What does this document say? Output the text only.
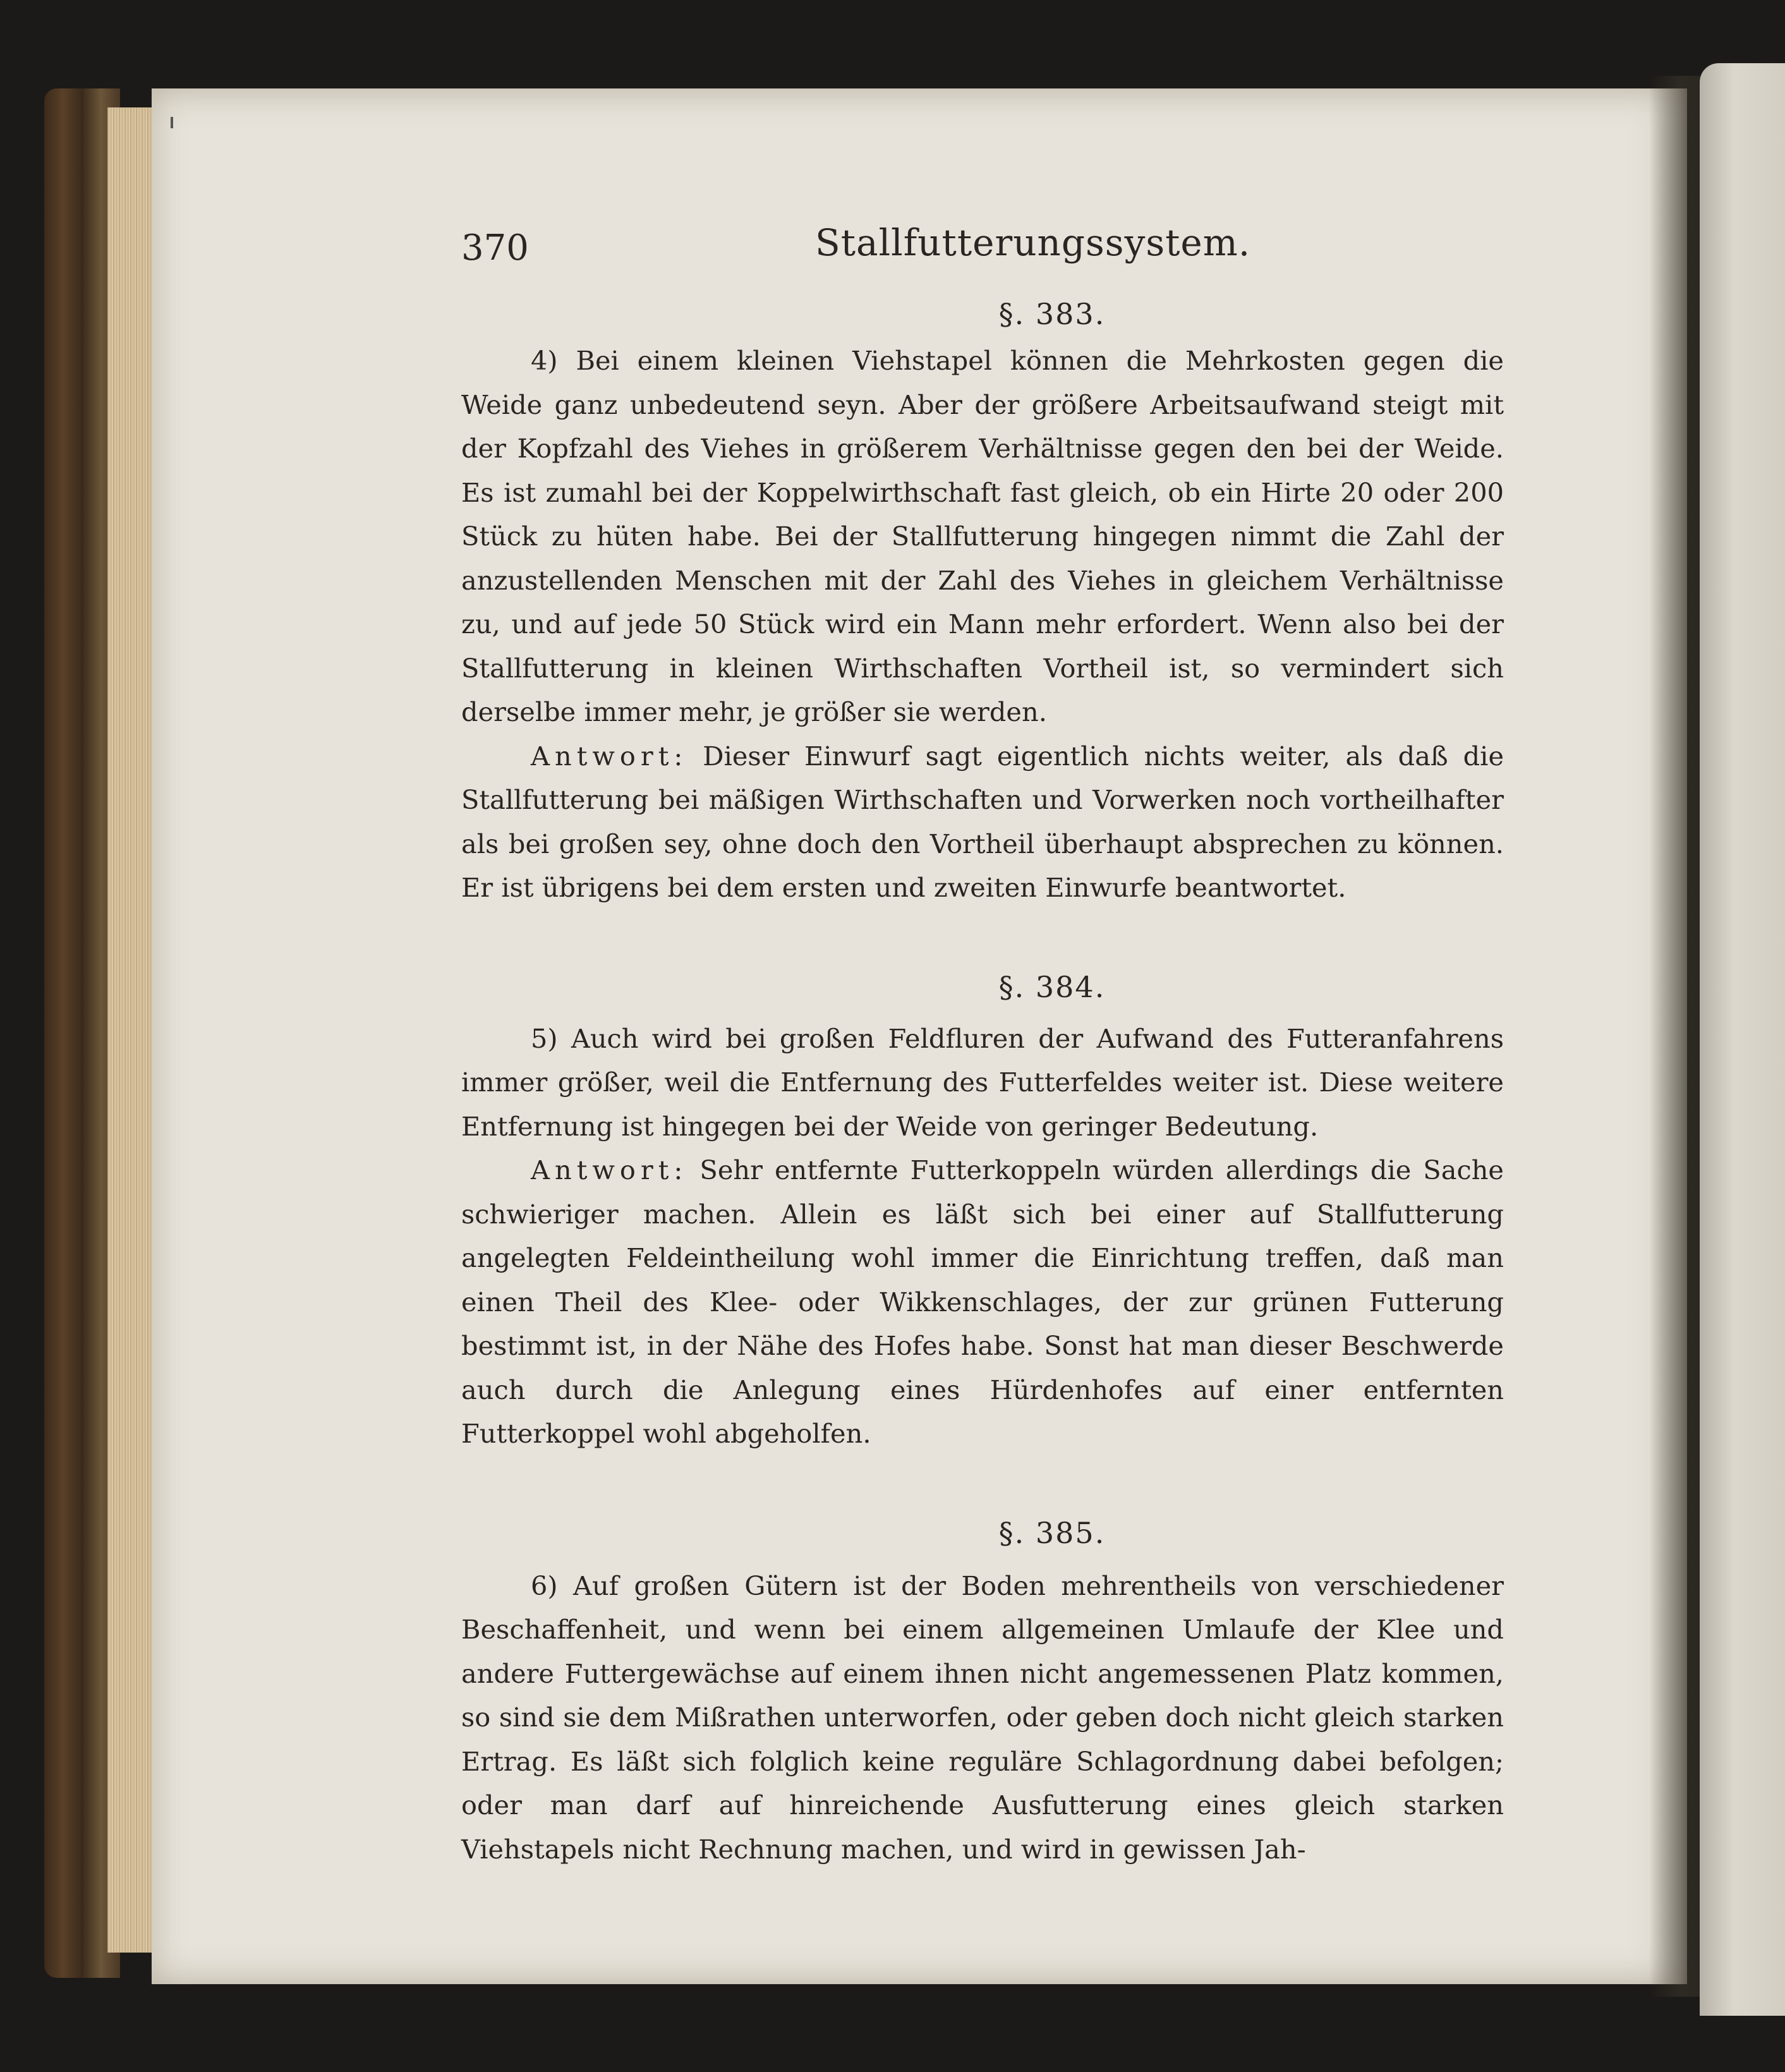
370	Stallfutterungssystem.

§. 383.

4) Bei einem kleinen Viehstapel können die Mehrkosten gegen die Weide ganz unbedeutend seyn. Aber der größere Arbeitsaufwand steigt mit der Kopfzahl des Viehes in größerem Verhältnisse gegen den bei der Weide. Es ist zumahl bei der Koppelwirthschaft fast gleich, ob ein Hirte 20 oder 200 Stück zu hüten habe. Bei der Stallfutterung hingegen nimmt die Zahl der anzustellenden Menschen mit der Zahl des Viehes in gleichem Verhältnisse zu, und auf jede 50 Stück wird ein Mann mehr erfordert. Wenn also bei der Stallfutterung in kleinen Wirthschaften Vortheil ist, so vermindert sich derselbe immer mehr, je größer sie werden.

Antwort: Dieser Einwurf sagt eigentlich nichts weiter, als daß die Stallfutterung bei mäßigen Wirthschaften und Vorwerken noch vortheilhafter als bei großen sey, ohne doch den Vortheil überhaupt absprechen zu können. Er ist übrigens bei dem ersten und zweiten Einwurfe beantwortet.

§. 384.

5) Auch wird bei großen Feldfluren der Aufwand des Futteranfahrens immer größer, weil die Entfernung des Futterfeldes weiter ist. Diese weitere Entfernung ist hingegen bei der Weide von geringer Bedeutung.

Antwort: Sehr entfernte Futterkoppeln würden allerdings die Sache schwieriger machen. Allein es läßt sich bei einer auf Stallfutterung angelegten Feldeintheilung wohl immer die Einrichtung treffen, daß man einen Theil des Klee- oder Wikkenschlages, der zur grünen Futterung bestimmt ist, in der Nähe des Hofes habe. Sonst hat man dieser Beschwerde auch durch die Anlegung eines Hürdenhofes auf einer entfernten Futterkoppel wohl abgeholfen.

§. 385.

6) Auf großen Gütern ist der Boden mehrentheils von verschiedener Beschaffenheit, und wenn bei einem allgemeinen Umlaufe der Klee und andere Futtergewächse auf einem ihnen nicht angemessenen Platz kommen, so sind sie dem Mißrathen unterworfen, oder geben doch nicht gleich starken Ertrag. Es läßt sich folglich keine reguläre Schlagordnung dabei befolgen; oder man darf auf hinreichende Ausfutterung eines gleich starken Viehstapels nicht Rechnung machen, und wird in gewissen Jah-
